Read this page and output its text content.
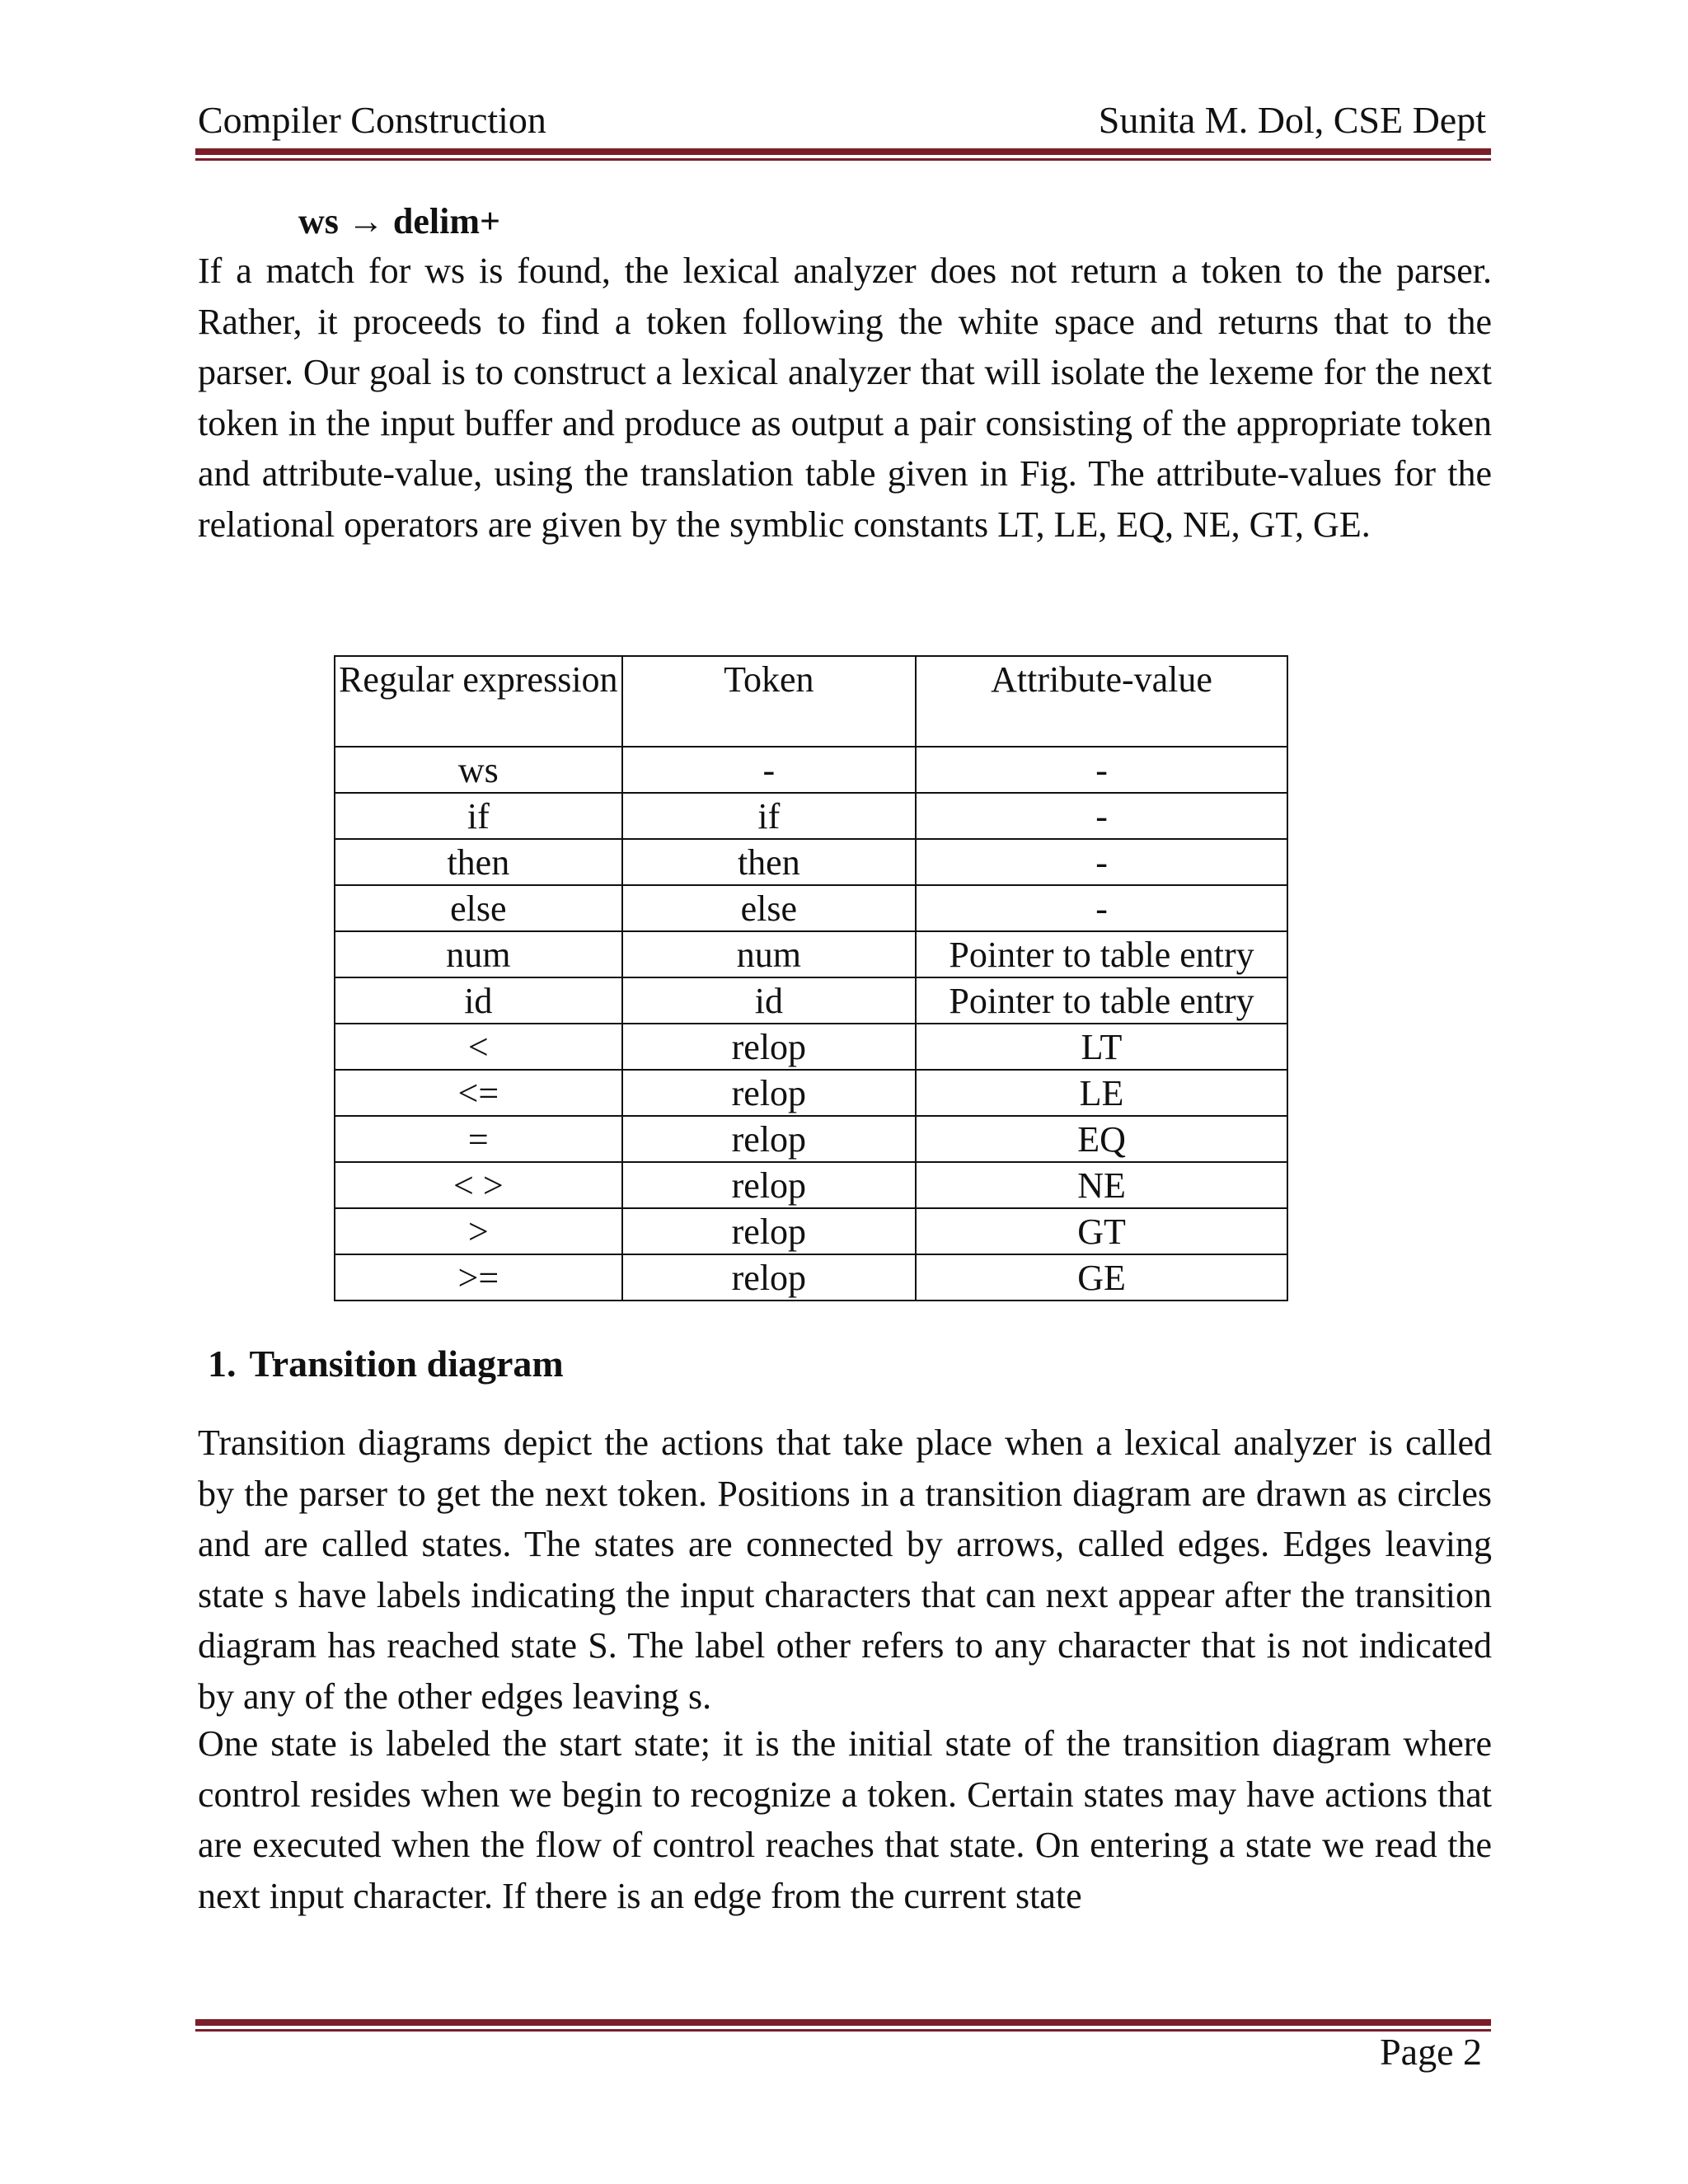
Compiler Construction	Sunita M. Dol, CSE Dept
ws → delim+

If a match for ws is found, the lexical analyzer does not return a token to the parser. Rather, it proceeds to find a token following the white space and returns that to the parser. Our goal is to construct a lexical analyzer that will isolate the lexeme for the next token in the input buffer and produce as output a pair consisting of the appropriate token and attribute-value, using the translation table given in Fig. The attribute-values for the relational operators are given by the symblic constants LT, LE, EQ, NE, GT, GE.

Regular expression	Token	Attribute-value
ws	-	-
if	if	-
then	then	-
else	else	-
num	num	Pointer to table entry
id	id	Pointer to table entry
<	relop	LT
<=	relop	LE
=	relop	EQ
< >	relop	NE
>	relop	GT
>=	relop	GE
1. Transition diagram

Transition diagrams depict the actions that take place when a lexical analyzer is called by the parser to get the next token. Positions in a transition diagram are drawn as circles and are called states. The states are connected by arrows, called edges. Edges leaving state s have labels indicating the input characters that can next appear after the transition diagram has reached state S. The label other refers to any character that is not indicated by any of the other edges leaving s.

One state is labeled the start state; it is the initial state of the transition diagram where control resides when we begin to recognize a token. Certain states may have actions that are executed when the flow of control reaches that state. On entering a state we read the next input character. If there is an edge from the current state

Page 2
